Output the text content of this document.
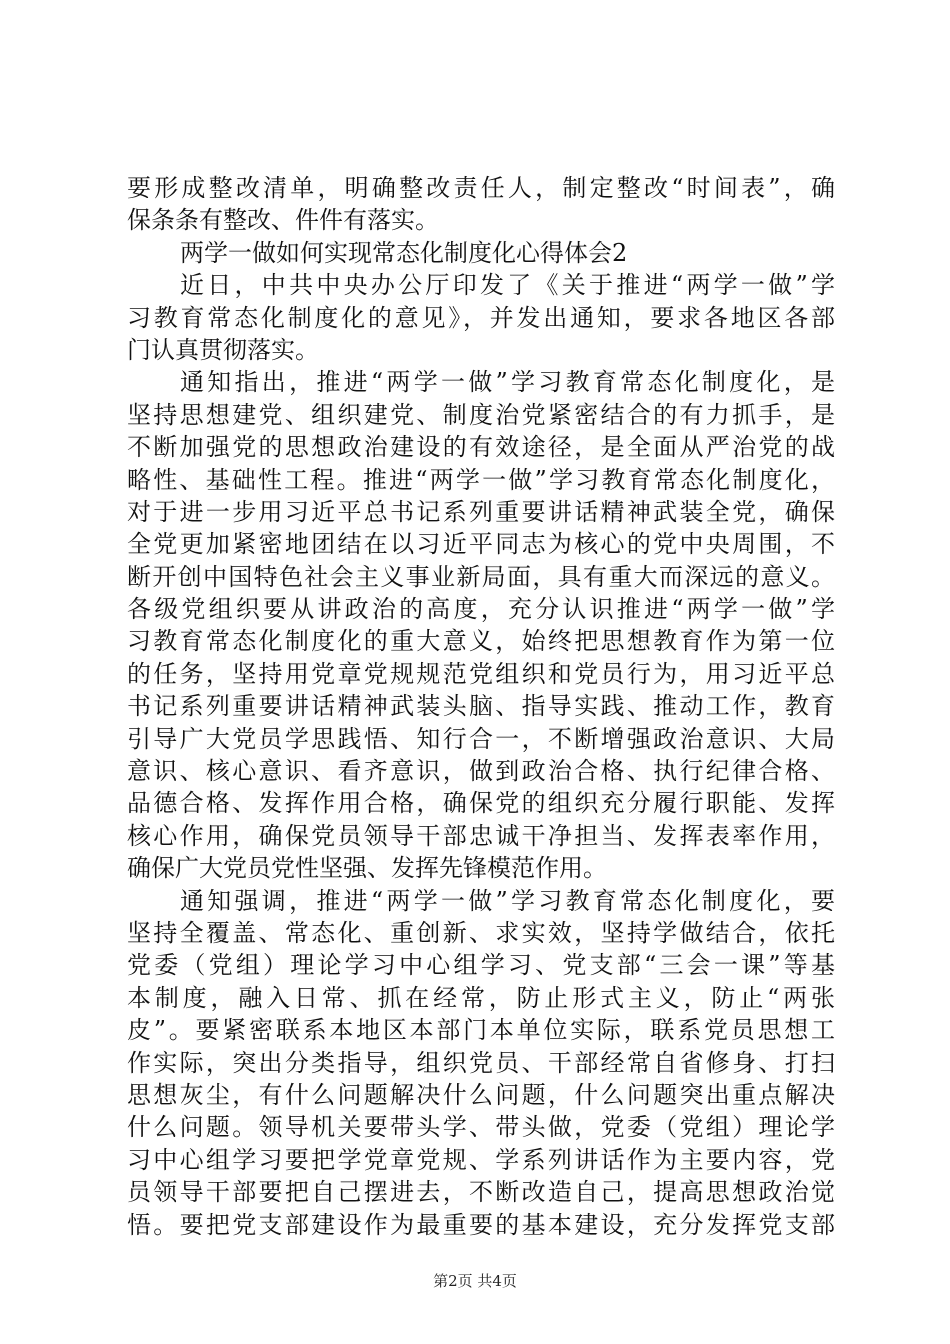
要形成整改清单，明确整改责任人，制定整改“时间表”，确
保条条有整改、件件有落实。
两学一做如何实现常态化制度化心得体会2
近日，中共中央办公厅印发了《关于推进“两学一做”学
习教育常态化制度化的意见》，并发出通知，要求各地区各部
门认真贯彻落实。
通知指出，推进“两学一做”学习教育常态化制度化，是
坚持思想建党、组织建党、制度治党紧密结合的有力抓手，是
不断加强党的思想政治建设的有效途径，是全面从严治党的战
略性、基础性工程。推进“两学一做”学习教育常态化制度化，
对于进一步用习近平总书记系列重要讲话精神武装全党，确保
全党更加紧密地团结在以习近平同志为核心的党中央周围，不
断开创中国特色社会主义事业新局面，具有重大而深远的意义。
各级党组织要从讲政治的高度，充分认识推进“两学一做”学
习教育常态化制度化的重大意义，始终把思想教育作为第一位
的任务，坚持用党章党规规范党组织和党员行为，用习近平总
书记系列重要讲话精神武装头脑、指导实践、推动工作，教育
引导广大党员学思践悟、知行合一，不断增强政治意识、大局
意识、核心意识、看齐意识，做到政治合格、执行纪律合格、
品德合格、发挥作用合格，确保党的组织充分履行职能、发挥
核心作用，确保党员领导干部忠诚干净担当、发挥表率作用，
确保广大党员党性坚强、发挥先锋模范作用。
通知强调，推进“两学一做”学习教育常态化制度化，要
坚持全覆盖、常态化、重创新、求实效，坚持学做结合，依托
党委（党组）理论学习中心组学习、党支部“三会一课”等基
本制度，融入日常、抓在经常，防止形式主义，防止“两张
皮”。要紧密联系本地区本部门本单位实际，联系党员思想工
作实际，突出分类指导，组织党员、干部经常自省修身、打扫
思想灰尘，有什么问题解决什么问题，什么问题突出重点解决
什么问题。领导机关要带头学、带头做，党委（党组）理论学
习中心组学习要把学党章党规、学系列讲话作为主要内容，党
员领导干部要把自己摆进去，不断改造自己，提高思想政治觉
悟。要把党支部建设作为最重要的基本建设，充分发挥党支部
第2页 共4页
